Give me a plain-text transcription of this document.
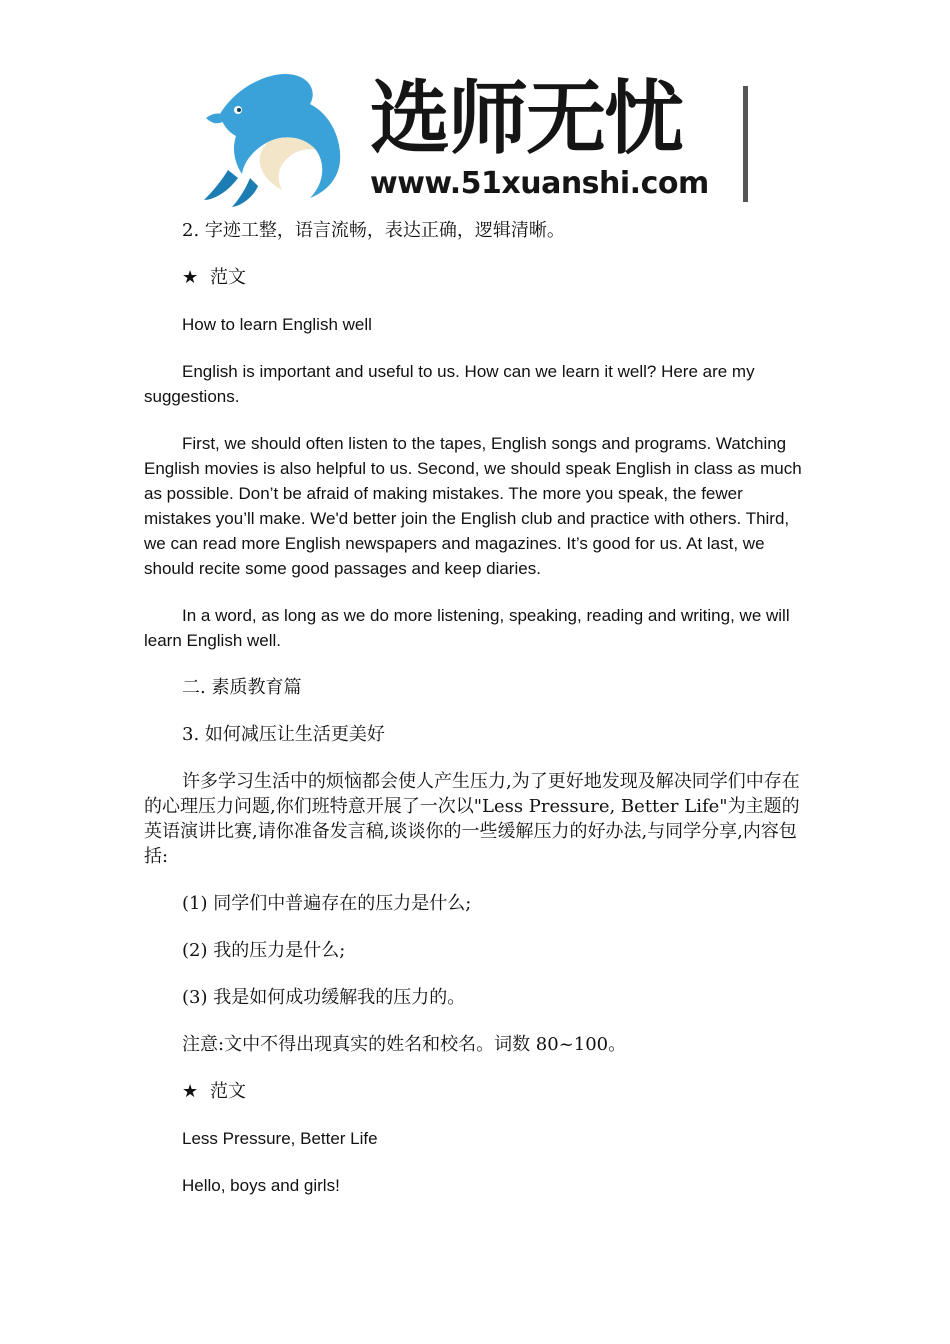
选师无忧
www.51xuanshi.com

2. 字迹工整，语言流畅，表达正确，逻辑清晰。

★ 范文

How to learn English well

English is important and useful to us. How can we learn it well? Here are my suggestions.

First, we should often listen to the tapes, English songs and programs. Watching English movies is also helpful to us. Second, we should speak English in class as much as possible. Don’t be afraid of making mistakes. The more you speak, the fewer mistakes you’ll make. We'd better join the English club and practice with others. Third, we can read more English newspapers and magazines. It’s good for us. At last, we should recite some good passages and keep diaries.

In a word, as long as we do more listening, speaking, reading and writing, we will learn English well.

二. 素质教育篇

3. 如何减压让生活更美好

许多学习生活中的烦恼都会使人产生压力,为了更好地发现及解决同学们中存在的心理压力问题,你们班特意开展了一次以"Less Pressure, Better Life"为主题的英语演讲比赛,请你准备发言稿,谈谈你的一些缓解压力的好办法,与同学分享,内容包括:

(1) 同学们中普遍存在的压力是什么;

(2) 我的压力是什么;

(3) 我是如何成功缓解我的压力的。

注意:文中不得出现真实的姓名和校名。词数 80~100。

★ 范文

Less Pressure, Better Life

Hello, boys and girls!
